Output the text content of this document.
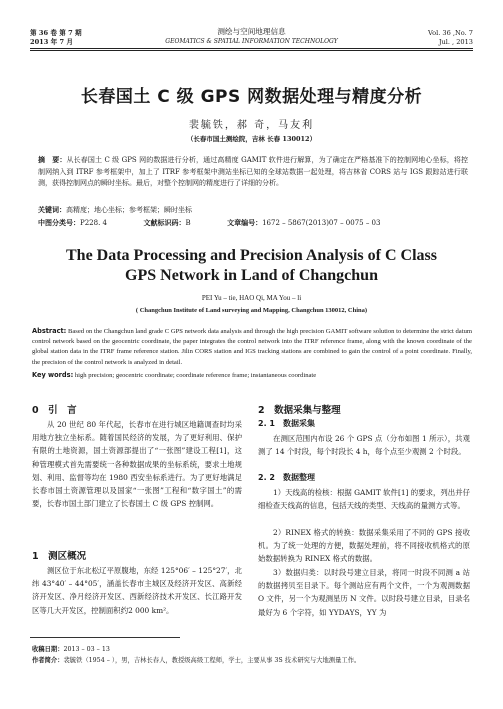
第 36 卷 第 7 期
2013 年 7 月
测绘与空间地理信息
GEOMATICS & SPATIAL INFORMATION TECHNOLOGY
Vol. 36 ,No. 7
Jul. , 2013
长春国土 C 级 GPS 网数据处理与精度分析
裴毓铁，郝 奇，马友利
（长春市国土测绘院，吉林 长春 130012）
摘　要：从长春国土 C 级 GPS 网的数据进行分析，通过高精度 GAMIT 软件进行解算，为了确定在严格基准下的控制网地心坐标，将控制网纳入到 ITRF 参考框架中，加上了 ITRF 参考框架中测站坐标已知的全球站数据一起处理，将吉林省 CORS 站与 IGS 跟踪站进行联测，获得控制网点的瞬时坐标。最后，对整个控制网的精度进行了详细的分析。
关键词：高精度；地心坐标；参考框架；瞬时坐标
中图分类号：P228. 4	文献标识码：B	文章编号：1672 – 5867(2013)07 – 0075 – 03
The Data Processing and Precision Analysis of C Class
GPS Network in Land of Changchun
PEI Yu – tie, HAO Qi, MA You – li
( Changchun Institute of Land surveying and Mapping, Changchun 130012, China)
Abstract: Based on the Changchun land grade C GPS network data analysis and through the high precision GAMIT software solution to determine the strict datum control network based on the geocentric coordinate, the paper integrates the control network into the ITRF reference frame, along with the known coordinate of the global station data in the ITRF frame reference station. Jilin CORS station and IGS tracking stations are combined to gain the control of a point coordinate. Finally, the precision of the control network is analyzed in detail.
Key words: high precision; geocentric coordinate; coordinate reference frame; instantaneous coordinate
0　引　言
从 20 世纪 80 年代起，长春市在进行城区地籍调查时均采用地方独立坐标系。随着国民经济的发展，为了更好利用、保护有限的土地资源，国土资源部提出了“一张图”建设工程[1]，这种管理模式首先需要统一各种数据成果的坐标系统，要求土地规划、利用、监督等均在 1980 西安坐标系进行。为了更好地满足长春市国土资源管理以及国家“一张图”工程和“数字国土”的需要，长春市国土部门建立了长春国土 C 级 GPS 控制网。
1　测区概况
测区位于东北松辽平原腹地，东经 125°06′ – 125°27′，北纬 43°40′ – 44°05′，涵盖长春市主城区及经济开发区、高新经济开发区、净月经济开发区、西新经济技术开发区、长江路开发区等几大开发区，控制面积约2 000 km²。
2　数据采集与整理
2. 1　数据采集
在测区范围内布设 26 个 GPS 点（分布如图 1 所示），共观测了 14 个时段，每个时段长 4 h，每个点至少观测 2 个时段。
2. 2　数据整理
1）天线高的检核：根据 GAMIT 软件[1] 的要求，列出并仔细检查天线高的信息，包括天线的类型、天线高的量测方式等。
2）RINEX 格式的转换：数据采集采用了不同的 GPS 接收机。为了统一处理的方便，数据处理前，将不同接收机格式的原始数据转换为 RINEX 格式的数据。
3）数据归类：以时段号建立目录，将同一时段不同测 a 站的数据拷贝至目录下。每个测站应有两个文件，一个为观测数据 O 文件，另一个为观测星历 N 文件。以时段号建立目录，目录名最好为 6 个字符，如 YYDAYS，YY 为
收稿日期：2013 – 03 – 13
作者简介：裴毓铁（1954 – ），男，吉林长春人，教授级高级工程师，学士，主要从事 3S 技术研究与大地测量工作。
